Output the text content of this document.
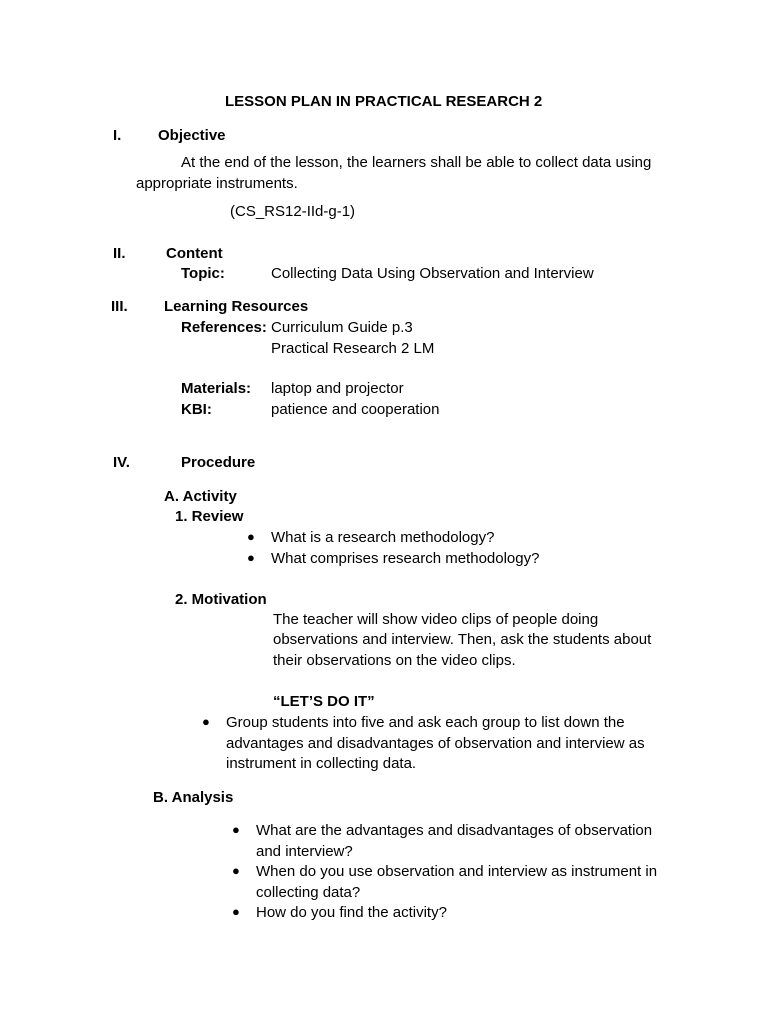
LESSON PLAN IN PRACTICAL RESEARCH 2
I. Objective
At the end of the lesson, the learners shall be able to collect data using
appropriate instruments.
(CS_RS12-IId-g-1)
II.	Content
Topic:	Collecting Data Using Observation and Interview
III. Learning Resources
References: Curriculum Guide p.3
Practical Research 2 LM
Materials: laptop and projector
KBI:	patience and cooperation
IV.	Procedure
A. Activity
1. Review
● What is a research methodology?
● What comprises research methodology?
2. Motivation
The teacher will show video clips of people doing
observations and interview. Then, ask the students about
their observations on the video clips.
“LET’S DO IT”
● Group students into five and ask each group to list down the
advantages and disadvantages of observation and interview as
instrument in collecting data.
B. Analysis
● What are the advantages and disadvantages of observation
and interview?
● When do you use observation and interview as instrument in
collecting data?
● How do you find the activity?
